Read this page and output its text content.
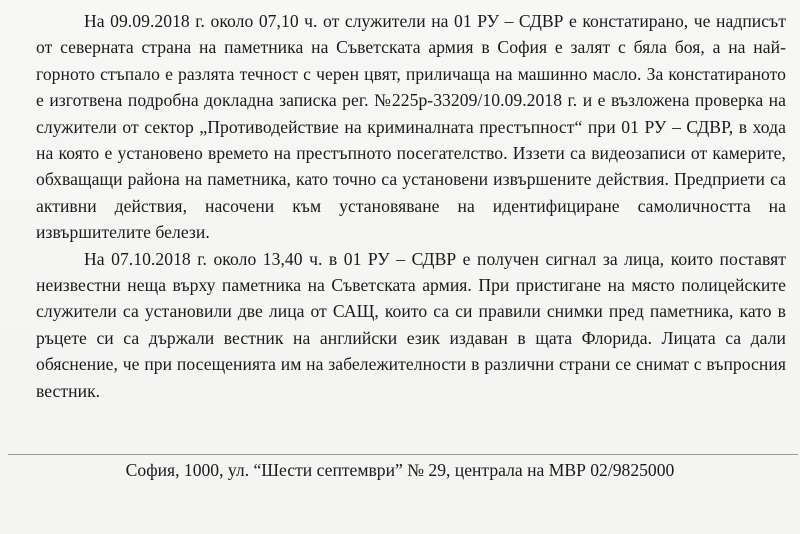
На 09.09.2018 г. около 07,10 ч. от служители на 01 РУ – СДВР е констатирано, че надписът от северната страна на паметника на Съветската армия в София е залят с бяла боя, а на най-горното стъпало е разлята течност с черен цвят, приличаща на машинно масло. За констатираното е изготвена подробна докладна записка рег. №225р-33209/10.09.2018 г. и е възложена проверка на служители от сектор „Противодействие на криминалната престъпност“ при 01 РУ – СДВР, в хода на която е установено времето на престъпното посегателство. Иззети са видеозаписи от камерите, обхващащи района на паметника, като точно са установени извършените действия. Предприети са активни действия, насочени към установяване на идентифициране самоличността на извършителите белези.

На 07.10.2018 г. около 13,40 ч. в 01 РУ – СДВР е получен сигнал за лица, които поставят неизвестни неща върху паметника на Съветската армия. При пристигане на място полицейските служители са установили две лица от САЩ, които са си правили снимки пред паметника, като в ръцете си са държали вестник на английски език издаван в щата Флорида. Лицата са дали обяснение, че при посещенията им на забележителности в различни страни се снимат с въпросния вестник.

София, 1000, ул. “Шести септември” № 29, централа на МВР 02/9825000
